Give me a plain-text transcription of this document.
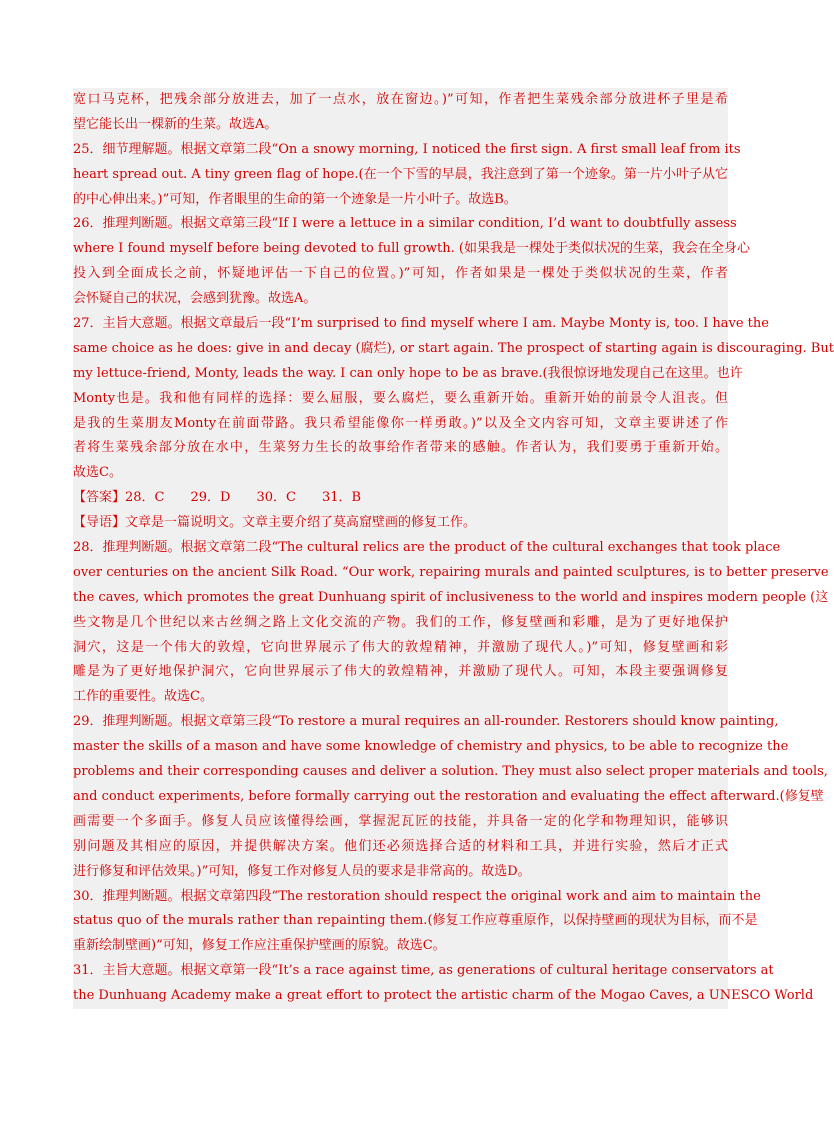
宽口马克杯，把残余部分放进去，加了一点水，放在窗边。)”可知，作者把生菜残余部分放进杯子里是希
望它能长出一棵新的生菜。故选A。
25．细节理解题。根据文章第二段“On a snowy morning, I noticed the first sign. A first small leaf from its
heart spread out. A tiny green flag of hope.(在一个下雪的早晨，我注意到了第一个迹象。第一片小叶子从它
的中心伸出来。)”可知，作者眼里的生命的第一个迹象是一片小叶子。故选B。
26．推理判断题。根据文章第三段“If I were a lettuce in a similar condition, I’d want to doubtfully assess
where I found myself before being devoted to full growth. (如果我是一棵处于类似状况的生菜，我会在全身心
投入到全面成长之前，怀疑地评估一下自己的位置。)”可知，作者如果是一棵处于类似状况的生菜，作者
会怀疑自己的状况，会感到犹豫。故选A。
27．主旨大意题。根据文章最后一段“I’m surprised to find myself where I am. Maybe Monty is, too. I have the
same choice as he does: give in and decay (腐烂), or start again. The prospect of starting again is discouraging. But
my lettuce-friend, Monty, leads the way. I can only hope to be as brave.(我很惊讶地发现自己在这里。也许
Monty也是。我和他有同样的选择：要么屈服，要么腐烂，要么重新开始。重新开始的前景令人沮丧。但
是我的生菜朋友Monty在前面带路。我只希望能像你一样勇敢。)”以及全文内容可知，文章主要讲述了作
者将生菜残余部分放在水中，生菜努力生长的故事给作者带来的感触。作者认为，我们要勇于重新开始。
故选C。
【答案】28．C　　29．D　　30．C　　31．B
【导语】文章是一篇说明文。文章主要介绍了莫高窟壁画的修复工作。
28．推理判断题。根据文章第二段“The cultural relics are the product of the cultural exchanges that took place
over centuries on the ancient Silk Road. “Our work, repairing murals and painted sculptures, is to better preserve
the caves, which promotes the great Dunhuang spirit of inclusiveness to the world and inspires modern people (这
些文物是几个世纪以来古丝绸之路上文化交流的产物。我们的工作，修复壁画和彩雕，是为了更好地保护
洞穴，这是一个伟大的敦煌，它向世界展示了伟大的敦煌精神，并激励了现代人。)”可知，修复壁画和彩
雕是为了更好地保护洞穴，它向世界展示了伟大的敦煌精神，并激励了现代人。可知，本段主要强调修复
工作的重要性。故选C。
29．推理判断题。根据文章第三段“To restore a mural requires an all-rounder. Restorers should know painting,
master the skills of a mason and have some knowledge of chemistry and physics, to be able to recognize the
problems and their corresponding causes and deliver a solution. They must also select proper materials and tools,
and conduct experiments, before formally carrying out the restoration and evaluating the effect afterward.(修复壁
画需要一个多面手。修复人员应该懂得绘画，掌握泥瓦匠的技能，并具备一定的化学和物理知识，能够识
别问题及其相应的原因，并提供解决方案。他们还必须选择合适的材料和工具，并进行实验，然后才正式
进行修复和评估效果。)”可知，修复工作对修复人员的要求是非常高的。故选D。
30．推理判断题。根据文章第四段“The restoration should respect the original work and aim to maintain the
status quo of the murals rather than repainting them.(修复工作应尊重原作，以保持壁画的现状为目标，而不是
重新绘制壁画)”可知，修复工作应注重保护壁画的原貌。故选C。
31．主旨大意题。根据文章第一段“It’s a race against time, as generations of cultural heritage conservators at
the Dunhuang Academy make a great effort to protect the artistic charm of the Mogao Caves, a UNESCO World
